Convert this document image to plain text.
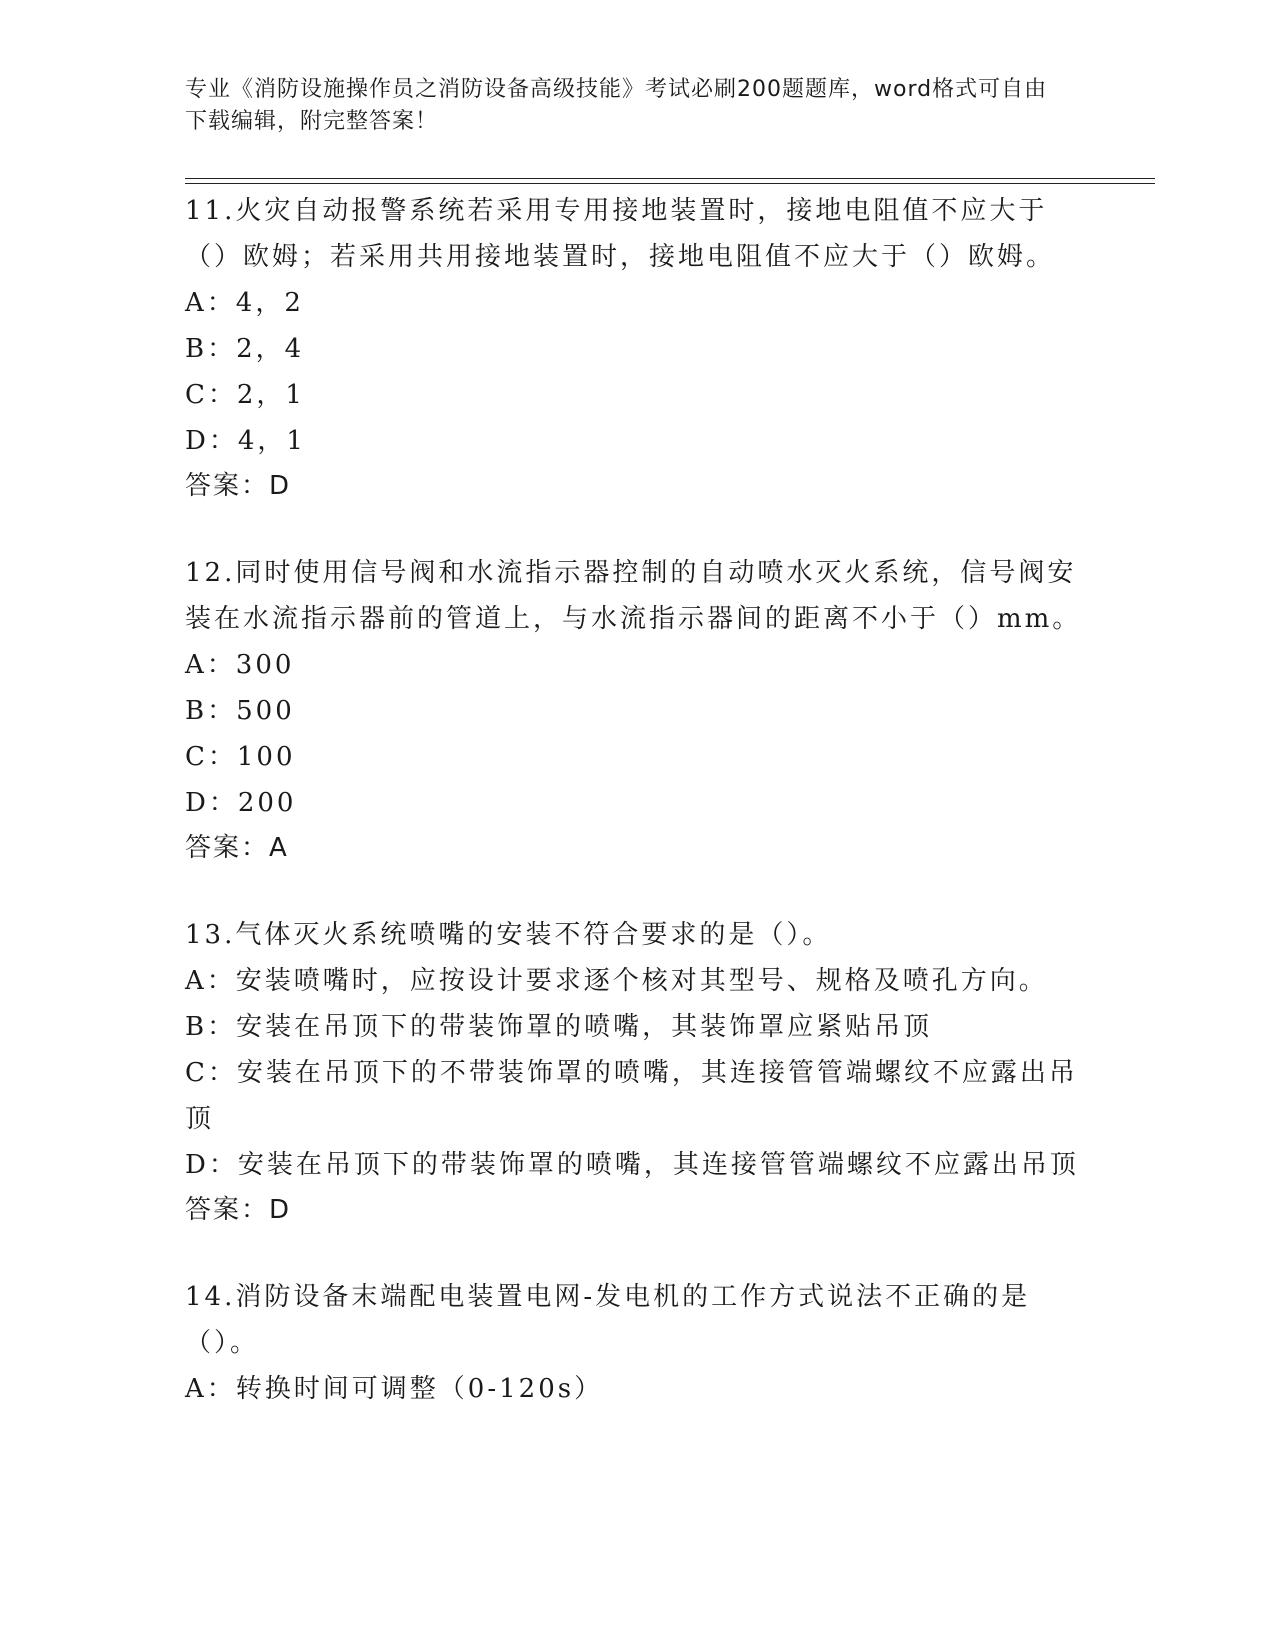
专业《消防设施操作员之消防设备高级技能》考试必刷200题题库，word格式可自由下载编辑，附完整答案！

11.火灾自动报警系统若采用专用接地装置时，接地电阻值不应大于（）欧姆；若采用共用接地装置时，接地电阻值不应大于（）欧姆。

A：4，2

B：2，4

C：2，1

D：4，1

答案：D

12.同时使用信号阀和水流指示器控制的自动喷水灭火系统，信号阀安装在水流指示器前的管道上，与水流指示器间的距离不小于（）mm。

A：300

B：500

C：100

D：200

答案：A

13.气体灭火系统喷嘴的安装不符合要求的是（）。

A：安装喷嘴时，应按设计要求逐个核对其型号、规格及喷孔方向。

B：安装在吊顶下的带装饰罩的喷嘴，其装饰罩应紧贴吊顶

C：安装在吊顶下的不带装饰罩的喷嘴，其连接管管端螺纹不应露出吊顶

D：安装在吊顶下的带装饰罩的喷嘴，其连接管管端螺纹不应露出吊顶

答案：D

14.消防设备末端配电装置电网-发电机的工作方式说法不正确的是（）。

A：转换时间可调整（0-120s）
